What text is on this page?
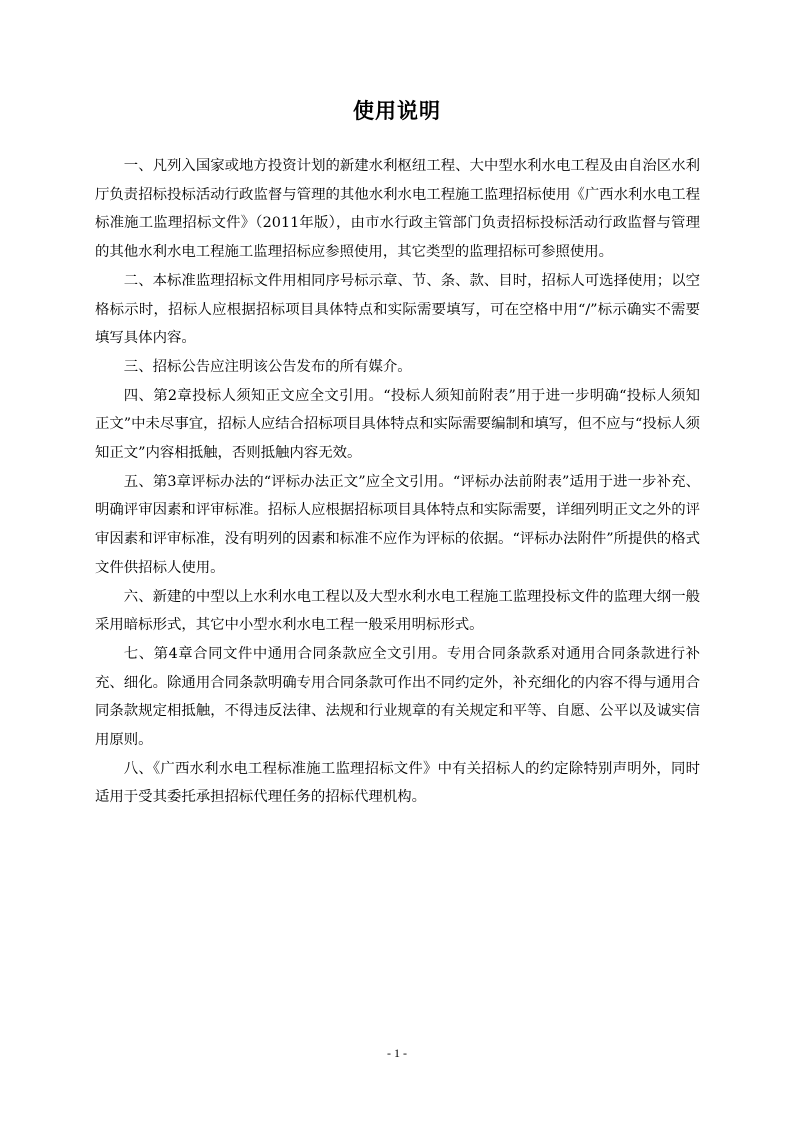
使用说明

一、凡列入国家或地方投资计划的新建水利枢纽工程、大中型水利水电工程及由自治区水利厅负责招标投标活动行政监督与管理的其他水利水电工程施工监理招标使用《广西水利水电工程标准施工监理招标文件》（2011年版），由市水行政主管部门负责招标投标活动行政监督与管理的其他水利水电工程施工监理招标应参照使用，其它类型的监理招标可参照使用。

二、本标准监理招标文件用相同序号标示章、节、条、款、目时，招标人可选择使用；以空格标示时，招标人应根据招标项目具体特点和实际需要填写，可在空格中用“/”标示确实不需要填写具体内容。

三、招标公告应注明该公告发布的所有媒介。

四、第2章投标人须知正文应全文引用。“投标人须知前附表”用于进一步明确“投标人须知正文”中未尽事宜，招标人应结合招标项目具体特点和实际需要编制和填写，但不应与“投标人须知正文”内容相抵触，否则抵触内容无效。

五、第3章评标办法的“评标办法正文”应全文引用。“评标办法前附表”适用于进一步补充、明确评审因素和评审标准。招标人应根据招标项目具体特点和实际需要，详细列明正文之外的评审因素和评审标准，没有明列的因素和标准不应作为评标的依据。“评标办法附件”所提供的格式文件供招标人使用。

六、新建的中型以上水利水电工程以及大型水利水电工程施工监理投标文件的监理大纲一般采用暗标形式，其它中小型水利水电工程一般采用明标形式。

七、第4章合同文件中通用合同条款应全文引用。专用合同条款系对通用合同条款进行补充、细化。除通用合同条款明确专用合同条款可作出不同约定外，补充细化的内容不得与通用合同条款规定相抵触，不得违反法律、法规和行业规章的有关规定和平等、自愿、公平以及诚实信用原则。

八、《广西水利水电工程标准施工监理招标文件》中有关招标人的约定除特别声明外，同时适用于受其委托承担招标代理任务的招标代理机构。

- 1 -
